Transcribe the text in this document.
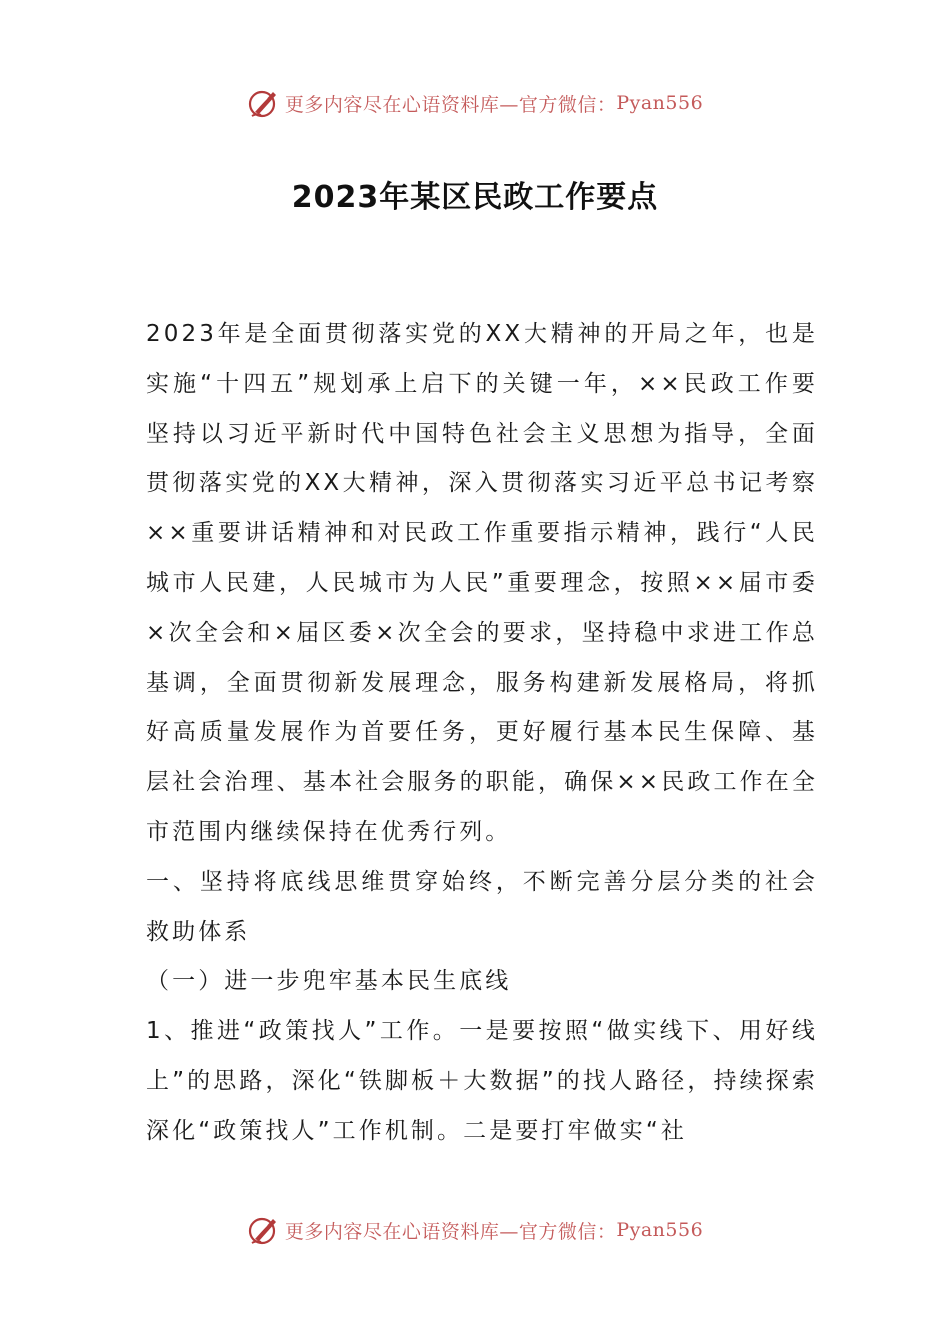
更多内容尽在心语资料库—官方微信： Pyan556
2023年某区民政工作要点

2023年是全面贯彻落实党的XX大精神的开局之年，也是实施“十四五”规划承上启下的关键一年，××民政工作要坚持以习近平新时代中国特色社会主义思想为指导，全面贯彻落实党的XX大精神，深入贯彻落实习近平总书记考察××重要讲话精神和对民政工作重要指示精神，践行“人民城市人民建，人民城市为人民”重要理念，按照××届市委×次全会和×届区委×次全会的要求，坚持稳中求进工作总基调，全面贯彻新发展理念，服务构建新发展格局，将抓好高质量发展作为首要任务，更好履行基本民生保障、基层社会治理、基本社会服务的职能，确保××民政工作在全市范围内继续保持在优秀行列。

一、坚持将底线思维贯穿始终，不断完善分层分类的社会救助体系

（一）进一步兜牢基本民生底线

1、推进“政策找人”工作。一是要按照“做实线下、用好线上”的思路，深化“铁脚板＋大数据”的找人路径，持续探索深化“政策找人”工作机制。二是要打牢做实“社

更多内容尽在心语资料库—官方微信： Pyan556
